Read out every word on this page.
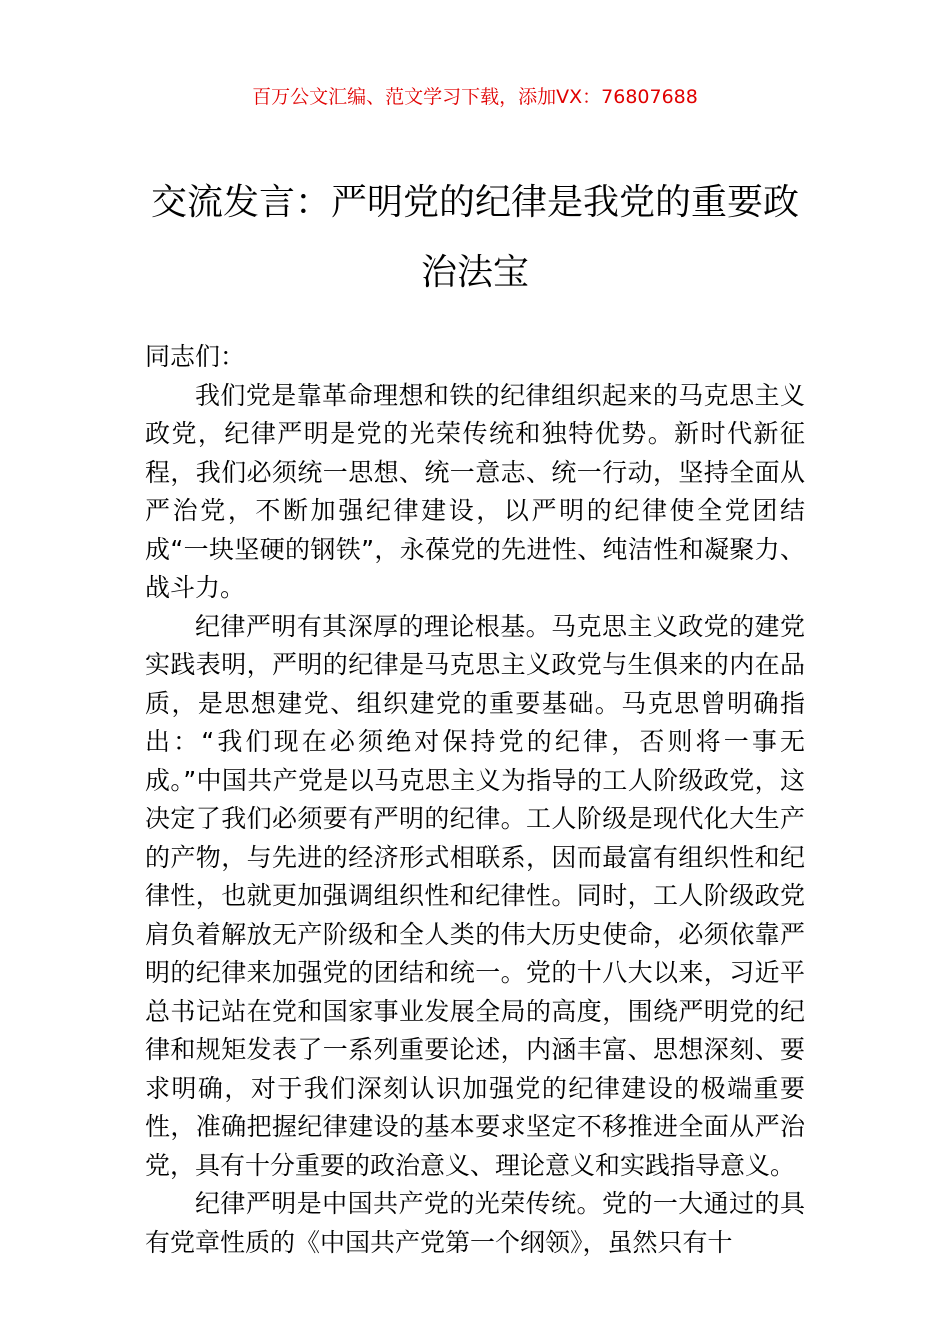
百万公文汇编、范文学习下载，添加VX：76807688
交流发言：严明党的纪律是我党的重要政治法宝

同志们：

我们党是靠革命理想和铁的纪律组织起来的马克思主义政党，纪律严明是党的光荣传统和独特优势。新时代新征程，我们必须统一思想、统一意志、统一行动，坚持全面从严治党，不断加强纪律建设，以严明的纪律使全党团结成“一块坚硬的钢铁”，永葆党的先进性、纯洁性和凝聚力、战斗力。

纪律严明有其深厚的理论根基。马克思主义政党的建党实践表明，严明的纪律是马克思主义政党与生俱来的内在品质，是思想建党、组织建党的重要基础。马克思曾明确指出：“我们现在必须绝对保持党的纪律，否则将一事无成。”中国共产党是以马克思主义为指导的工人阶级政党，这决定了我们必须要有严明的纪律。工人阶级是现代化大生产的产物，与先进的经济形式相联系，因而最富有组织性和纪律性，也就更加强调组织性和纪律性。同时，工人阶级政党肩负着解放无产阶级和全人类的伟大历史使命，必须依靠严明的纪律来加强党的团结和统一。党的十八大以来，习近平总书记站在党和国家事业发展全局的高度，围绕严明党的纪律和规矩发表了一系列重要论述，内涵丰富、思想深刻、要求明确，对于我们深刻认识加强党的纪律建设的极端重要性，准确把握纪律建设的基本要求坚定不移推进全面从严治党，具有十分重要的政治意义、理论意义和实践指导意义。

纪律严明是中国共产党的光荣传统。党的一大通过的具有党章性质的《中国共产党第一个纲领》，虽然只有十
